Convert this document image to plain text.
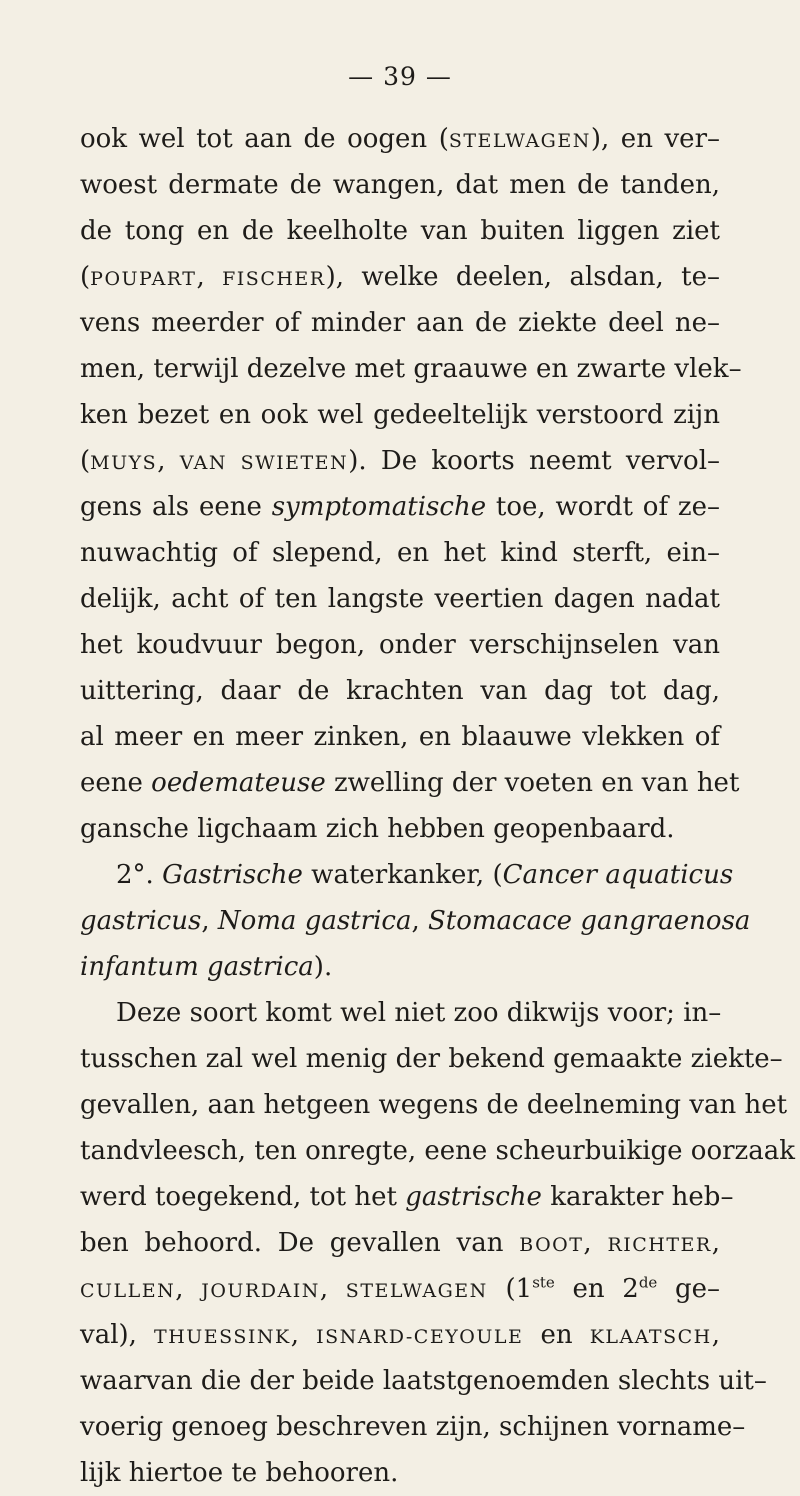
— 39 —
ook wel tot aan de oogen (STELWAGEN), en ver–
woest dermate de wangen, dat men de tanden,
de tong en de keelholte van buiten liggen ziet
(POUPART, FISCHER), welke deelen, alsdan, te–
vens meerder of minder aan de ziekte deel ne–
men, terwijl dezelve met graauwe en zwarte vlek–
ken bezet en ook wel gedeeltelijk verstoord zijn
(MUYS, VAN SWIETEN). De koorts neemt vervol–
gens als eene symptomatische toe, wordt of ze–
nuwachtig of slepend, en het kind sterft, ein–
delijk, acht of ten langste veertien dagen nadat
het koudvuur begon, onder verschijnselen van
uittering, daar de krachten van dag tot dag,
al meer en meer zinken, en blaauwe vlekken of
eene oedemateuse zwelling der voeten en van het
gansche ligchaam zich hebben geopenbaard.
2°. Gastrische waterkanker, (Cancer aquaticus
gastricus, Noma gastrica, Stomacace gangraenosa
infantum gastrica).
Deze soort komt wel niet zoo dikwijs voor; in–
tusschen zal wel menig der bekend gemaakte ziekte–
gevallen, aan hetgeen wegens de deelneming van het
tandvleesch, ten onregte, eene scheurbuikige oorzaak
werd toegekend, tot het gastrische karakter heb–
ben behoord. De gevallen van BOOT, RICHTER,
CULLEN, JOURDAIN, STELWAGEN (1ste en 2de ge–
val), THUESSINK, ISNARD-CEYOULE en KLAATSCH,
waarvan die der beide laatstgenoemden slechts uit–
voerig genoeg beschreven zijn, schijnen vorname–
lijk hiertoe te behooren.
